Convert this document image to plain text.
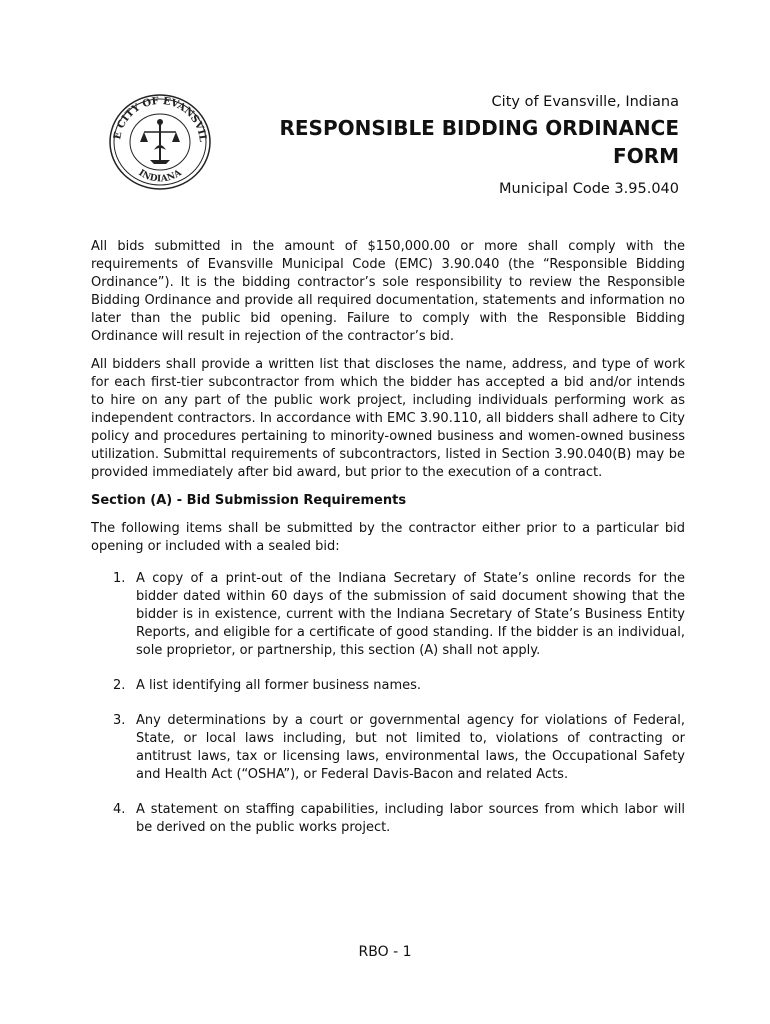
E CITY OF EVANSVIL
INDIANA
City of Evansville, Indiana
RESPONSIBLE BIDDING ORDINANCE FORM
Municipal Code 3.95.040

All bids submitted in the amount of $150,000.00 or more shall comply with the requirements of Evansville Municipal Code (EMC) 3.90.040 (the “Responsible Bidding Ordinance”). It is the bidding contractor’s sole responsibility to review the Responsible Bidding Ordinance and provide all required documentation, statements and information no later than the public bid opening. Failure to comply with the Responsible Bidding Ordinance will result in rejection of the contractor’s bid.

All bidders shall provide a written list that discloses the name, address, and type of work for each first-tier subcontractor from which the bidder has accepted a bid and/or intends to hire on any part of the public work project, including individuals performing work as independent contractors. In accordance with EMC 3.90.110, all bidders shall adhere to City policy and procedures pertaining to minority-owned business and women-owned business utilization. Submittal requirements of subcontractors, listed in Section 3.90.040(B) may be provided immediately after bid award, but prior to the execution of a contract.

Section (A) - Bid Submission Requirements

The following items shall be submitted by the contractor either prior to a particular bid opening or included with a sealed bid:

1. A copy of a print-out of the Indiana Secretary of State’s online records for the bidder dated within 60 days of the submission of said document showing that the bidder is in existence, current with the Indiana Secretary of State’s Business Entity Reports, and eligible for a certificate of good standing. If the bidder is an individual, sole proprietor, or partnership, this section (A) shall not apply.
2. A list identifying all former business names.
3. Any determinations by a court or governmental agency for violations of Federal, State, or local laws including, but not limited to, violations of contracting or antitrust laws, tax or licensing laws, environmental laws, the Occupational Safety and Health Act (“OSHA”), or Federal Davis-Bacon and related Acts.
4. A statement on staffing capabilities, including labor sources from which labor will be derived on the public works project.
RBO - 1
